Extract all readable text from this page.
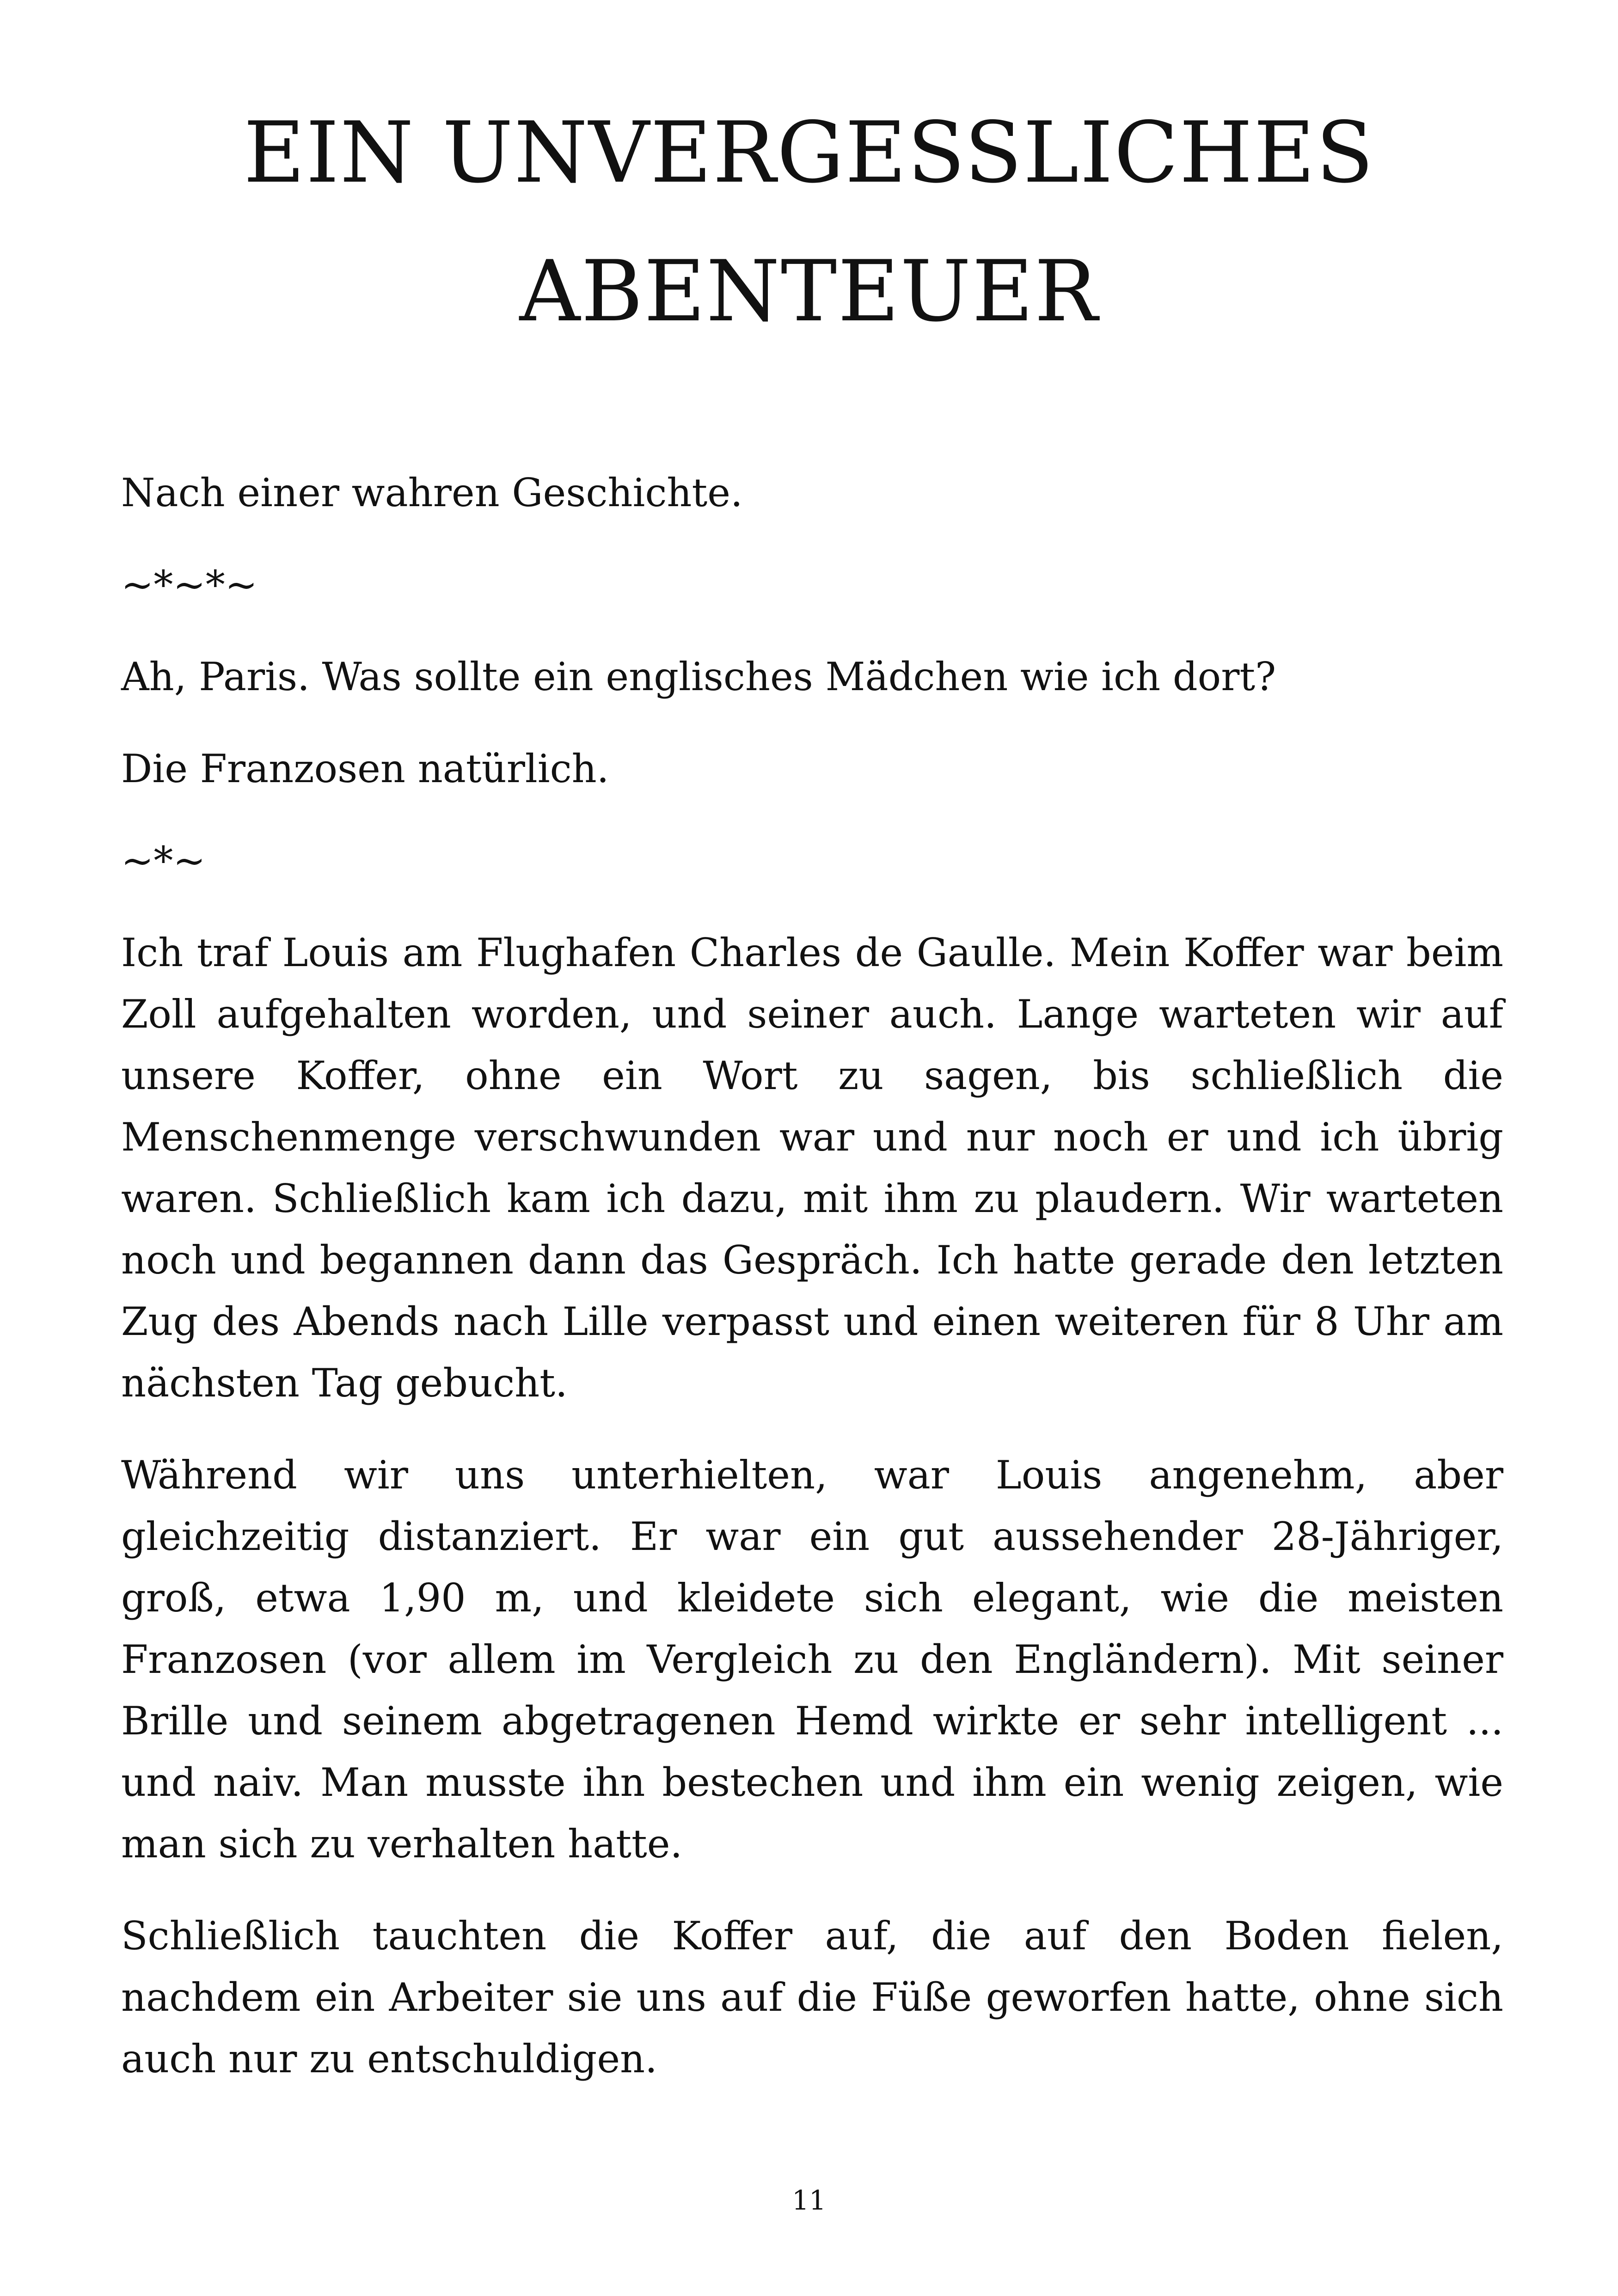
EIN UNVERGESSLICHES
ABENTEUER

Nach einer wahren Geschichte.

~*~*~

Ah, Paris. Was sollte ein englisches Mädchen wie ich dort?

Die Franzosen natürlich.

~*~

Ich traf Louis am Flughafen Charles de Gaulle. Mein Koffer war beim Zoll aufgehalten worden, und seiner auch. Lange warteten wir auf unsere Koffer, ohne ein Wort zu sagen, bis schließlich die Menschenmenge verschwunden war und nur noch er und ich übrig waren. Schließlich kam ich dazu, mit ihm zu plaudern. Wir warteten noch und begannen dann das Gespräch. Ich hatte gerade den letzten Zug des Abends nach Lille verpasst und einen weiteren für 8 Uhr am nächsten Tag gebucht.

Während wir uns unterhielten, war Louis angenehm, aber gleichzeitig distanziert. Er war ein gut aussehender 28-Jähriger, groß, etwa 1,90 m, und kleidete sich elegant, wie die meisten Franzosen (vor allem im Vergleich zu den Engländern). Mit seiner Brille und seinem abgetragenen Hemd wirkte er sehr intelligent ... und naiv. Man musste ihn bestechen und ihm ein wenig zeigen, wie man sich zu verhalten hatte.

Schließlich tauchten die Koffer auf, die auf den Boden fielen, nachdem ein Arbeiter sie uns auf die Füße geworfen hatte, ohne sich auch nur zu entschuldigen.

11
